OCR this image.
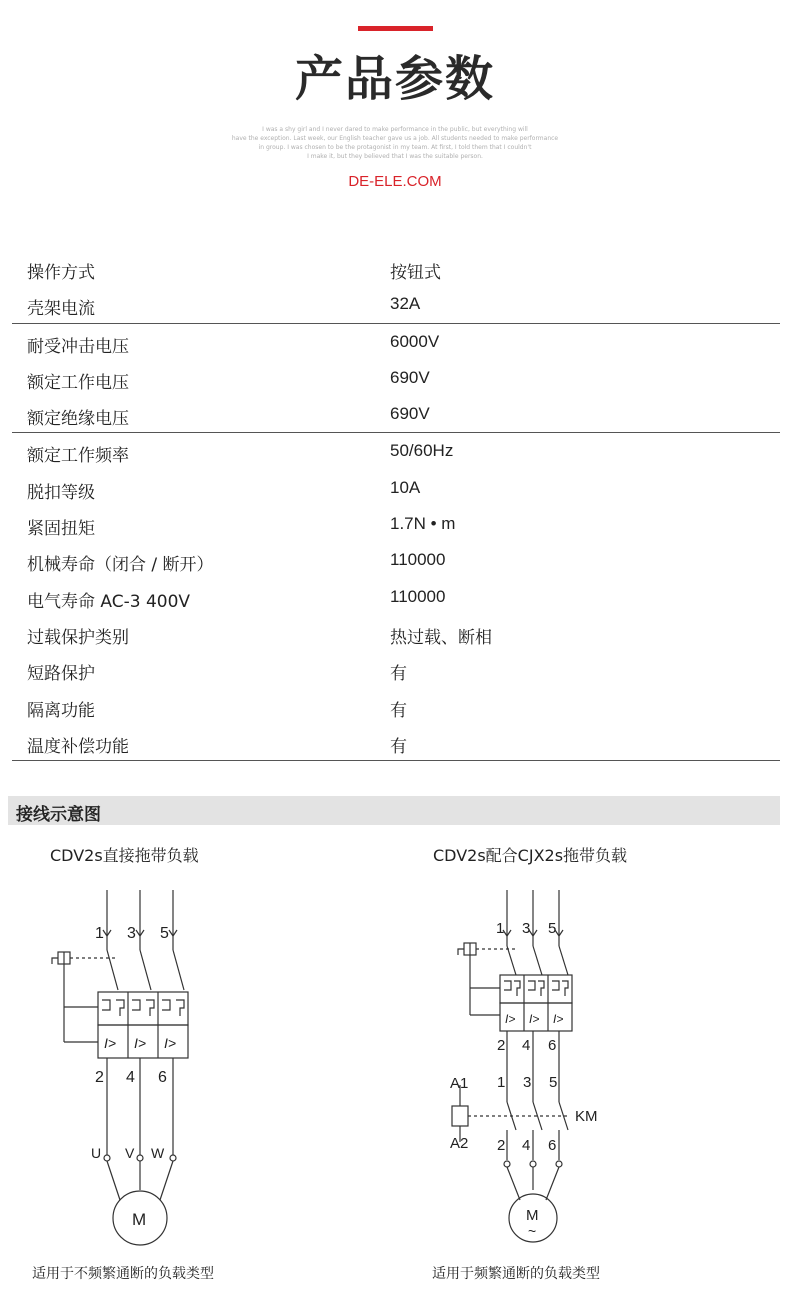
产品参数
I was a shy girl and I never dared to make performance in the public, but everything will
have the exception. Last week, our English teacher gave us a job. All students needed to make performance
in group. I was chosen to be the protagonist in my team. At first, I told them that I couldn't
I make it, but they believed that I was the suitable person.
DE-ELE.COM
操作方式	按钮式
壳架电流	32A
耐受冲击电压	6000V
额定工作电压	690V
额定绝缘电压	690V
额定工作频率	50/60Hz
脱扣等级	10A
紧固扭矩	1.7N • m
机械寿命（闭合 / 断开）	110000
电气寿命 AC-3 400V	110000
过载保护类别	热过载、断相
短路保护	有
隔离功能	有
温度补偿功能	有
接线示意图
CDV2s直接拖带负载	CDV2s配合CJX2s拖带负载
1 3 5
I> I> I>
2 4 6
U V W
M
1 3 5
I> I> I>
2 4 6
A1 1 3 5
KM
A2 2 4 6
M
~
适用于不频繁通断的负载类型	适用于频繁通断的负载类型
